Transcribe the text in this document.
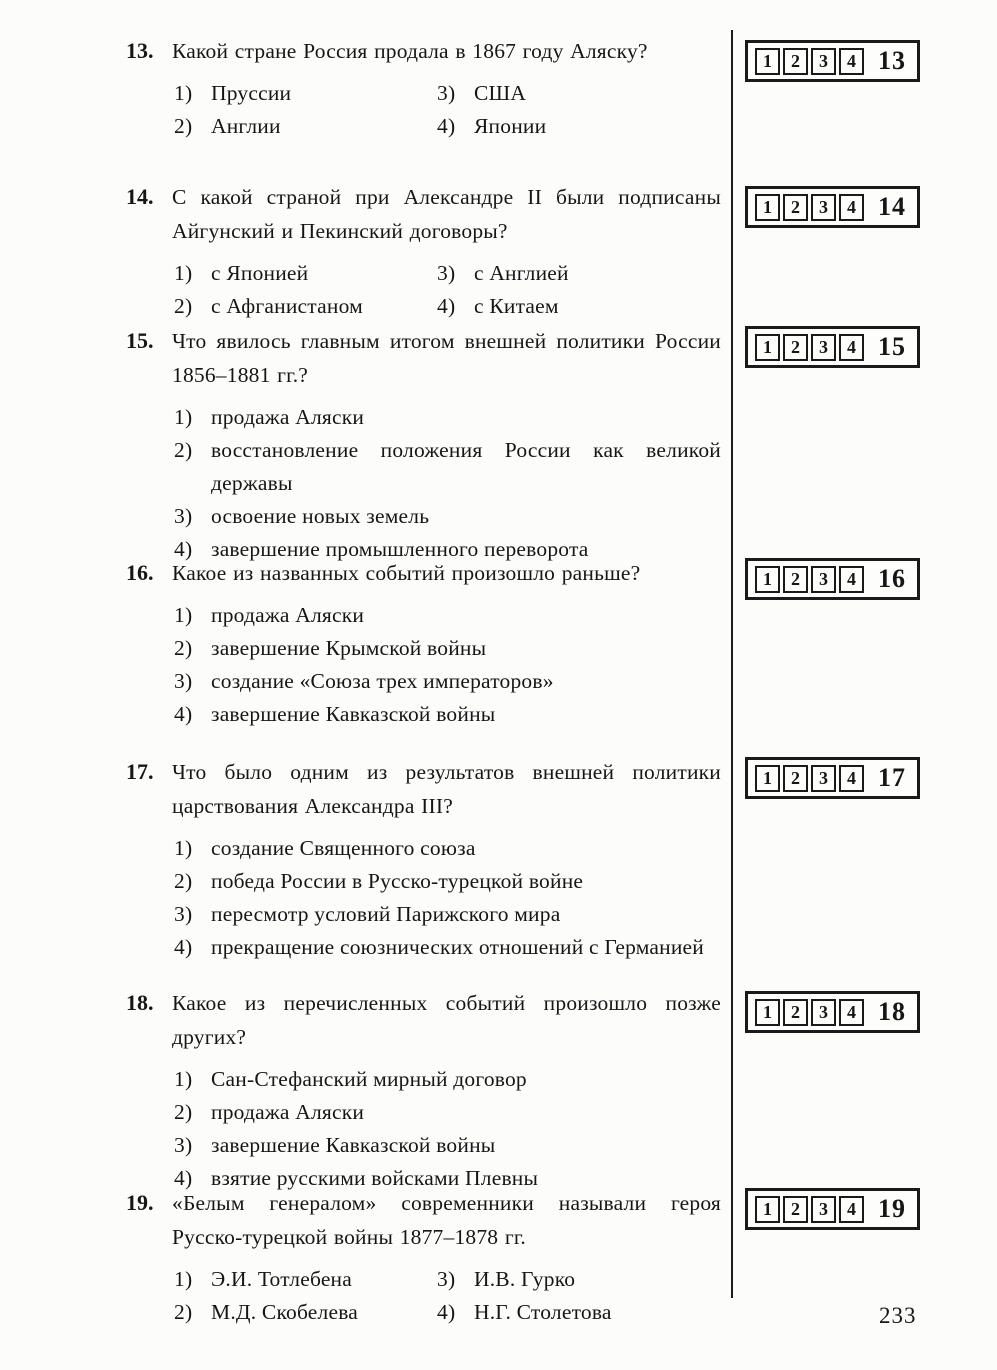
13. Какой стране Россия продала в 1867 году Аляску?

1) Пруссии	3) США
2) Англии	4) Японии
14. С какой страной при Александре II были подписаны Айгунский и Пекинский договоры?

1) с Японией	3) с Англией
2) с Афганистаном	4) с Китаем
15. Что явилось главным итогом внешней политики России 1856–1881 гг.?

1) продажа Аляски
2) восстановление положения России как великой державы
3) освоение новых земель
4) завершение промышленного переворота
16. Какое из названных событий произошло раньше?

1) продажа Аляски
2) завершение Крымской войны
3) создание «Союза трех императоров»
4) завершение Кавказской войны
17. Что было одним из результатов внешней политики царствования Александра III?

1) создание Священного союза
2) победа России в Русско-турецкой войне
3) пересмотр условий Парижского мира
4) прекращение союзнических отношений с Германией
18. Какое из перечисленных событий произошло позже других?

1) Сан-Стефанский мирный договор
2) продажа Аляски
3) завершение Кавказской войны
4) взятие русскими войсками Плевны
19. «Белым генералом» современники называли героя Русско-турецкой войны 1877–1878 гг.

1) Э.И. Тотлебена	3) И.В. Гурко
2) М.Д. Скобелева	4) Н.Г. Столетова
1	2	3	4 13
1	2	3	4 14
1	2	3	4 15
1	2	3	4 16
1	2	3	4 17
1	2	3	4 18
1	2	3	4 19
233
